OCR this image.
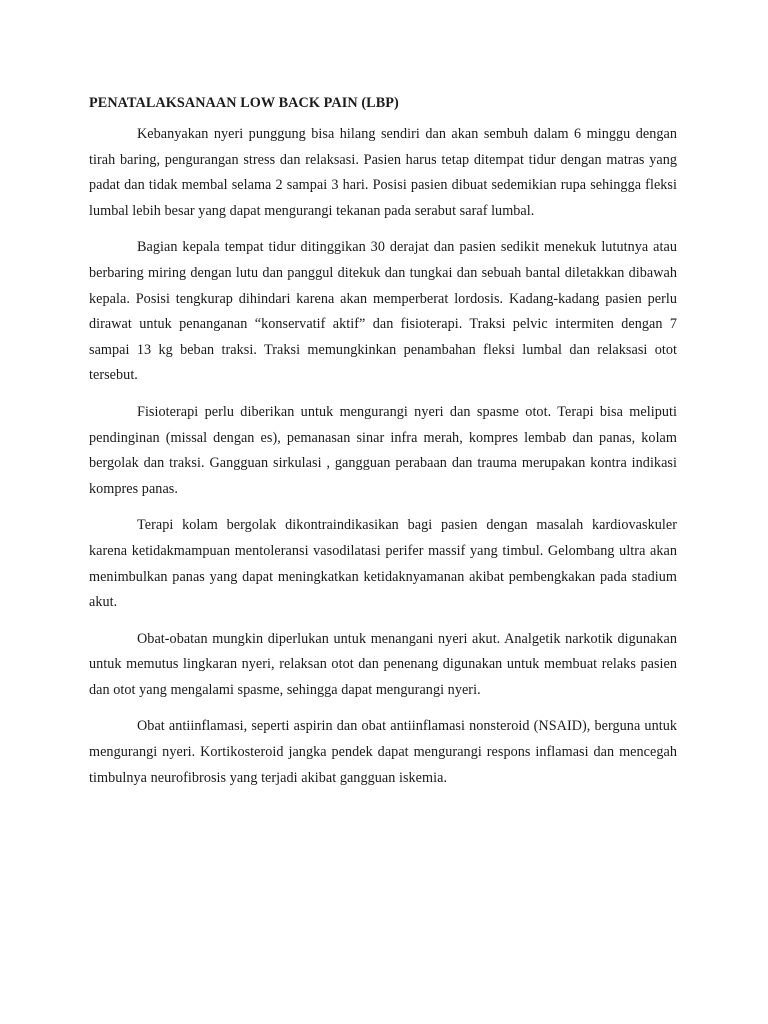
PENATALAKSANAAN LOW BACK PAIN (LBP)

Kebanyakan nyeri punggung bisa hilang sendiri dan akan sembuh dalam 6 minggu dengan tirah baring, pengurangan stress dan relaksasi. Pasien harus tetap ditempat tidur dengan matras yang padat dan tidak membal selama 2 sampai 3 hari. Posisi pasien dibuat sedemikian rupa sehingga fleksi lumbal lebih besar yang dapat mengurangi tekanan pada serabut saraf lumbal.

Bagian kepala tempat tidur ditinggikan 30 derajat dan pasien sedikit menekuk lututnya atau berbaring miring dengan lutu dan panggul ditekuk dan tungkai dan sebuah bantal diletakkan dibawah kepala. Posisi tengkurap dihindari karena akan memperberat lordosis. Kadang-kadang pasien perlu dirawat untuk penanganan “konservatif aktif” dan fisioterapi. Traksi pelvic intermiten dengan 7 sampai 13 kg beban traksi. Traksi memungkinkan penambahan fleksi lumbal dan relaksasi otot tersebut.

Fisioterapi perlu diberikan untuk mengurangi nyeri dan spasme otot. Terapi bisa meliputi pendinginan (missal dengan es), pemanasan sinar infra merah, kompres lembab dan panas, kolam bergolak dan traksi. Gangguan sirkulasi , gangguan perabaan dan trauma merupakan kontra indikasi kompres panas.

Terapi kolam bergolak dikontraindikasikan bagi pasien dengan masalah kardiovaskuler karena ketidakmampuan mentoleransi vasodilatasi perifer massif yang timbul. Gelombang ultra akan menimbulkan panas yang dapat meningkatkan ketidaknyamanan akibat pembengkakan pada stadium akut.

Obat-obatan mungkin diperlukan untuk menangani nyeri akut. Analgetik narkotik digunakan untuk memutus lingkaran nyeri, relaksan otot dan penenang digunakan untuk membuat relaks pasien dan otot yang mengalami spasme, sehingga dapat mengurangi nyeri.

Obat antiinflamasi, seperti aspirin dan obat antiinflamasi nonsteroid (NSAID), berguna untuk mengurangi nyeri. Kortikosteroid jangka pendek dapat mengurangi respons inflamasi dan mencegah timbulnya neurofibrosis yang terjadi akibat gangguan iskemia.
